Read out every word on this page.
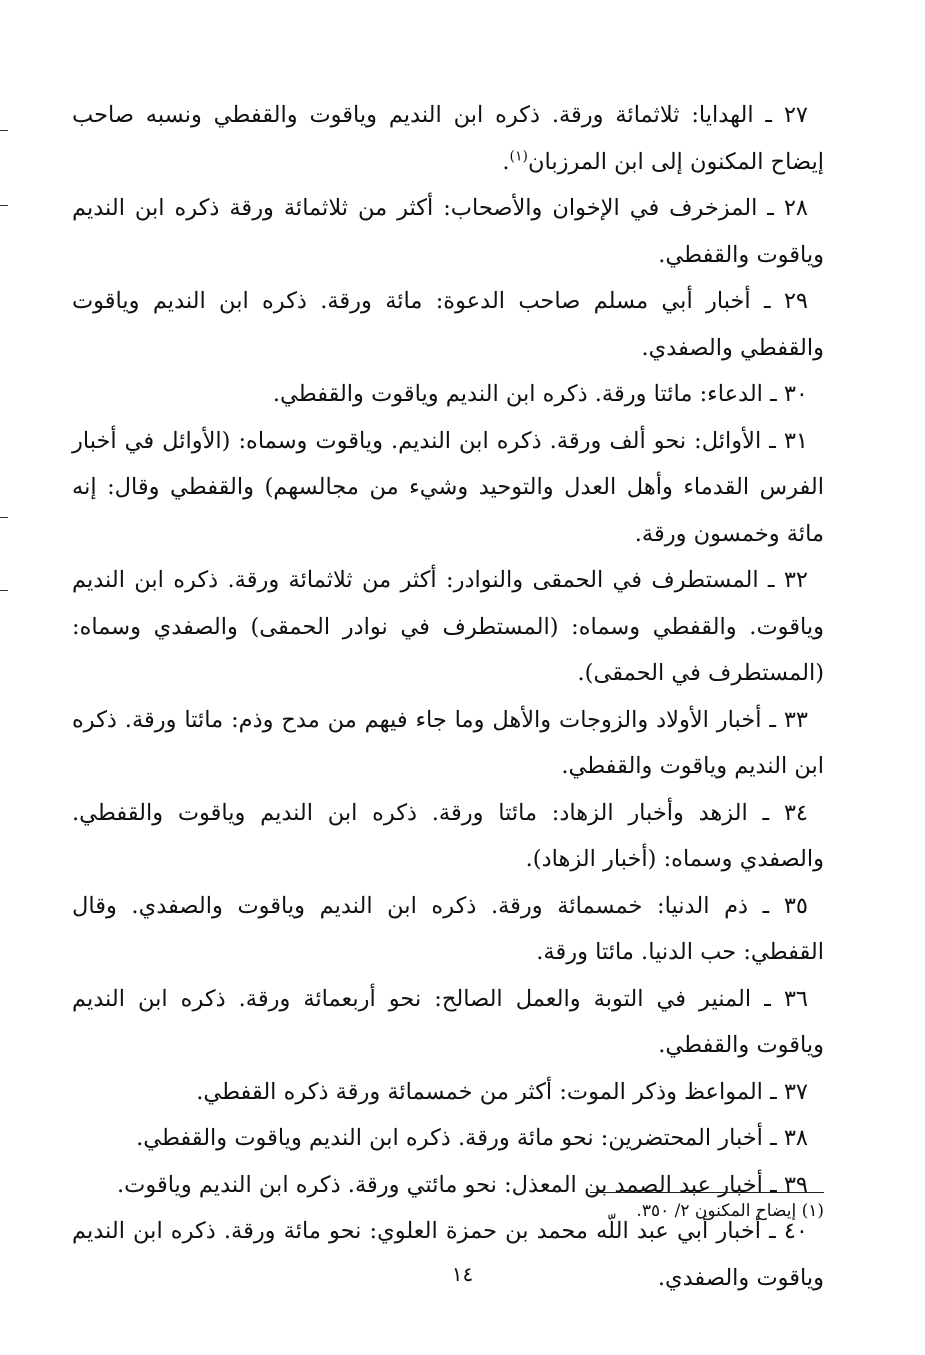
٢٧ ـ الهدايا: ثلاثمائة ورقة. ذكره ابن النديم وياقوت والقفطي ونسبه صاحب إيضاح المكنون إلى ابن المرزبان$^{(١)}$.

٢٨ ـ المزخرف في الإخوان والأصحاب: أكثر من ثلاثمائة ورقة ذكره ابن النديم وياقوت والقفطي.

٢٩ ـ أخبار أبي مسلم صاحب الدعوة: مائة ورقة. ذكره ابن النديم وياقوت والقفطي والصفدي.

٣٠ ـ الدعاء: مائتا ورقة. ذكره ابن النديم وياقوت والقفطي.

٣١ ـ الأوائل: نحو ألف ورقة. ذكره ابن النديم. وياقوت وسماه: (الأوائل في أخبار الفرس القدماء وأهل العدل والتوحيد وشيء من مجالسهم) والقفطي وقال: إنه مائة وخمسون ورقة.

٣٢ ـ المستطرف في الحمقى والنوادر: أكثر من ثلاثمائة ورقة. ذكره ابن النديم وياقوت. والقفطي وسماه: (المستطرف في نوادر الحمقى) والصفدي وسماه: (المستطرف في الحمقى).

٣٣ ـ أخبار الأولاد والزوجات والأهل وما جاء فيهم من مدح وذم: مائتا ورقة. ذكره ابن النديم وياقوت والقفطي.

٣٤ ـ الزهد وأخبار الزهاد: مائتا ورقة. ذكره ابن النديم وياقوت والقفطي. والصفدي وسماه: (أخبار الزهاد).

٣٥ ـ ذم الدنيا: خمسمائة ورقة. ذكره ابن النديم وياقوت والصفدي. وقال القفطي: حب الدنيا. مائتا ورقة.

٣٦ ـ المنير في التوبة والعمل الصالح: نحو أربعمائة ورقة. ذكره ابن النديم وياقوت والقفطي.

٣٧ ـ المواعظ وذكر الموت: أكثر من خمسمائة ورقة ذكره القفطي.

٣٨ ـ أخبار المحتضرين: نحو مائة ورقة. ذكره ابن النديم وياقوت والقفطي.

٣٩ ـ أخبار عبد الصمد بن المعذل: نحو مائتي ورقة. ذكره ابن النديم وياقوت.

٤٠ ـ أخبار أبي عبد اللّه محمد بن حمزة العلوي: نحو مائة ورقة. ذكره ابن النديم وياقوت والصفدي.

(١) إيضاح المكنون ٢/ ٣٥٠.
١٤
